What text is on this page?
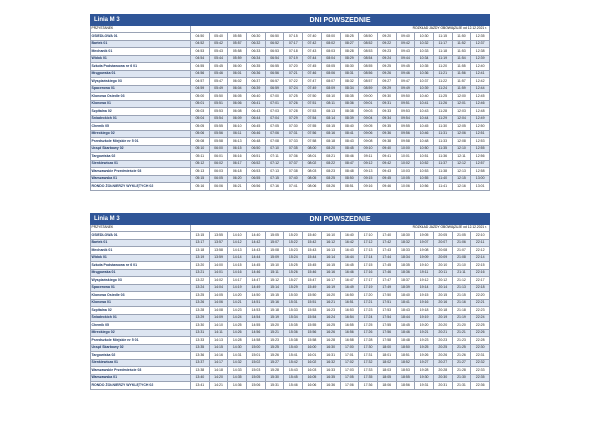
Linia M 3	DNI POWSZEDNIE															
PRZYSTANEK	ROZKŁAD JAZDY OBOWIĄZUJE od 12.12.2021 r.															
OSIEDLOWA 01	04:50	05:40	05:55	06:30	06:50	07:15	07:40	08:00	08:25	08:50	09:20	09:40	10:30	11:15	11:50	12:35
Bartek 01	04:52	05:42	05:57	06:32	06:52	07:17	07:42	08:02	08:27	08:52	09:22	09:42	10:32	11:17	11:52	12:37
Mechanik 01	04:53	05:43	05:58	06:33	06:53	07:18	07:43	08:03	08:28	08:53	09:23	09:43	10:33	11:18	11:53	12:38
Widok 01	04:54	05:44	05:59	06:34	06:54	07:19	07:44	08:04	08:29	08:54	09:24	09:44	10:34	11:19	11:54	12:39
Szkoła Podstawowa nr 6 01	04:55	05:45	06:00	06:35	06:55	07:20	07:45	08:05	08:30	08:55	09:25	09:45	10:35	11:20	11:55	12:40
Mrągowska 01	04:56	05:46	06:01	06:36	06:56	07:21	07:46	08:06	08:31	08:56	09:26	09:46	10:36	11:21	11:56	12:41
Wyspiańskiego 03	04:57	05:47	06:02	06:37	06:57	07:22	07:47	08:07	08:32	08:57	09:27	09:47	10:37	11:22	11:57	12:42
Spacerowa 01	04:59	05:49	06:04	06:39	06:59	07:24	07:49	08:09	08:34	08:59	09:29	09:49	10:39	11:24	11:59	12:44
Klonowa Osiedle 03	05:00	05:50	06:05	06:40	07:00	07:25	07:50	08:10	08:35	09:00	09:30	09:50	10:40	11:25	12:00	12:45
Klonowa 01	05:01	05:51	06:06	06:41	07:01	07:26	07:51	08:11	08:36	09:01	09:31	09:51	10:41	11:26	12:01	12:46
Szpitalna 02	05:03	05:53	06:08	06:43	07:03	07:28	07:53	08:13	08:38	09:03	09:33	09:53	10:43	11:28	12:03	12:48
Śniadeckich 01	05:04	05:54	06:09	06:44	07:04	07:29	07:54	08:14	08:39	09:04	09:34	09:54	10:44	11:29	12:04	12:49
Chemik 05	05:05	05:55	06:10	06:45	07:05	07:30	07:55	08:15	08:40	09:05	09:35	09:55	10:45	11:30	12:05	12:50
Mireckiego 02	05:06	05:56	06:11	06:46	07:06	07:31	07:56	08:16	08:41	09:06	09:36	09:56	10:46	11:31	12:06	12:51
Przedszkole Miejskie nr 5 01	05:08	05:58	06:13	06:48	07:08	07:33	07:58	08:18	08:43	09:08	09:38	09:58	10:48	11:33	12:08	12:53
Urząd Skarbowy 02	05:10	06:00	06:15	06:50	07:10	07:35	08:00	08:20	08:45	09:10	09:40	10:00	10:50	11:35	12:10	12:55
Targowiska 02	05:11	06:01	06:16	06:51	07:11	07:36	08:01	08:21	08:46	09:11	09:41	10:01	10:51	11:36	12:11	12:56
Sienkiewicza 01	05:12	06:02	06:17	06:52	07:12	07:37	08:02	08:22	08:47	09:12	09:42	10:02	10:52	11:37	12:12	12:57
Warszawskie Przedmieście 03	05:13	06:03	06:18	06:53	07:13	07:38	08:03	08:23	08:48	09:13	09:43	10:03	10:53	11:38	12:13	12:58
Warszawska 01	05:15	06:05	06:20	06:55	07:15	07:40	08:05	08:25	08:50	09:15	09:45	10:05	10:55	11:40	12:15	13:00
RONDO ŻOŁNIERZY WYKLĘTYCH 02	05:16	06:06	06:21	06:56	07:16	07:41	08:06	08:26	08:51	09:16	09:46	10:06	10:56	11:41	12:16	13:01
Linia M 3	DNI POWSZEDNIE															
PRZYSTANEK	ROZKŁAD JAZDY OBOWIĄZUJE od 12.12.2021 r.															
OSIEDLOWA 01	13:15	13:55	14:10	14:40	15:05	15:20	15:40	16:10	16:40	17:10	17:40	18:30	19:05	20:05	21:05	22:10
Bartek 01	13:17	13:57	14:12	14:42	15:07	15:22	15:42	16:12	16:42	17:12	17:42	18:32	19:07	20:07	21:06	22:11
Mechanik 01	13:18	13:58	14:13	14:43	15:08	15:23	15:43	16:13	16:43	17:13	17:43	18:33	19:08	20:08	21:07	22:12
Widok 01	13:19	13:59	14:14	14:44	15:09	15:24	15:44	16:14	16:44	17:14	17:44	18:34	19:09	20:09	21:08	22:14
Szkoła Podstawowa nr 6 01	13:20	14:00	14:15	14:45	15:10	15:25	15:45	16:15	16:45	17:15	17:45	18:35	19:10	20:10	21:10	22:15
Mrągowska 01	13:21	14:01	14:16	14:46	15:11	15:26	15:46	16:16	16:46	17:16	17:46	18:36	19:11	20:11	21:11	22:16
Wyspiańskiego 03	13:22	14:02	14:17	14:47	15:12	15:27	15:47	16:17	16:47	17:17	17:47	18:37	19:12	20:12	21:12	22:17
Spacerowa 01	13:24	14:04	14:19	14:49	15:14	15:29	15:49	16:19	16:49	17:19	17:49	18:39	19:14	20:14	21:13	22:18
Klonowa Osiedle 03	13:25	14:05	14:20	14:50	15:15	15:30	15:50	16:20	16:50	17:20	17:50	18:40	19:15	20:15	21:15	22:20
Klonowa 01	13:26	14:06	14:21	14:51	15:16	15:31	15:51	16:21	16:51	17:21	17:51	18:41	19:16	20:16	21:16	22:21
Szpitalna 02	13:28	14:08	14:23	14:53	15:18	15:33	15:53	16:23	16:53	17:23	17:53	18:43	19:18	20:18	21:18	22:23
Śniadeckich 01	13:29	14:09	14:24	14:54	15:19	15:34	15:54	16:24	16:54	17:24	17:54	18:44	19:19	20:19	21:19	22:24
Chemik 05	13:30	14:10	14:25	14:55	15:20	15:35	15:55	16:25	16:55	17:25	17:55	18:45	19:20	20:20	21:20	22:25
Mireckiego 02	13:31	14:11	14:26	14:56	15:21	15:36	15:56	16:26	16:56	17:26	17:56	18:46	19:21	20:21	21:21	22:26
Przedszkole Miejskie nr 5 01	13:33	14:13	14:28	14:58	15:23	15:38	15:58	16:28	16:58	17:28	17:58	18:48	19:23	20:23	21:23	22:28
Urząd Skarbowy 02	13:35	14:15	14:30	15:00	15:25	15:40	16:00	16:30	17:00	17:30	18:00	18:50	19:25	20:25	21:25	22:30
Targowiska 02	13:36	14:16	14:31	15:01	15:26	15:41	16:01	16:31	17:01	17:31	18:01	18:51	19:26	20:26	21:26	22:31
Sienkiewicza 01	13:37	14:17	14:32	15:02	15:27	15:42	16:02	16:32	17:02	17:32	18:02	18:52	19:27	20:27	21:27	22:32
Warszawskie Przedmieście 03	13:38	14:18	14:33	15:03	15:28	15:43	16:03	16:33	17:03	17:33	18:03	18:53	19:28	20:28	21:28	22:33
Warszawska 01	13:40	14:20	14:35	15:05	15:30	15:45	16:05	16:35	17:05	17:35	18:05	18:55	19:30	20:30	21:30	22:35
RONDO ŻOŁNIERZY WYKLĘTYCH 02	13:41	14:21	14:36	15:06	15:31	15:46	16:06	16:36	17:06	17:36	18:06	18:56	19:31	20:31	21:31	22:36
